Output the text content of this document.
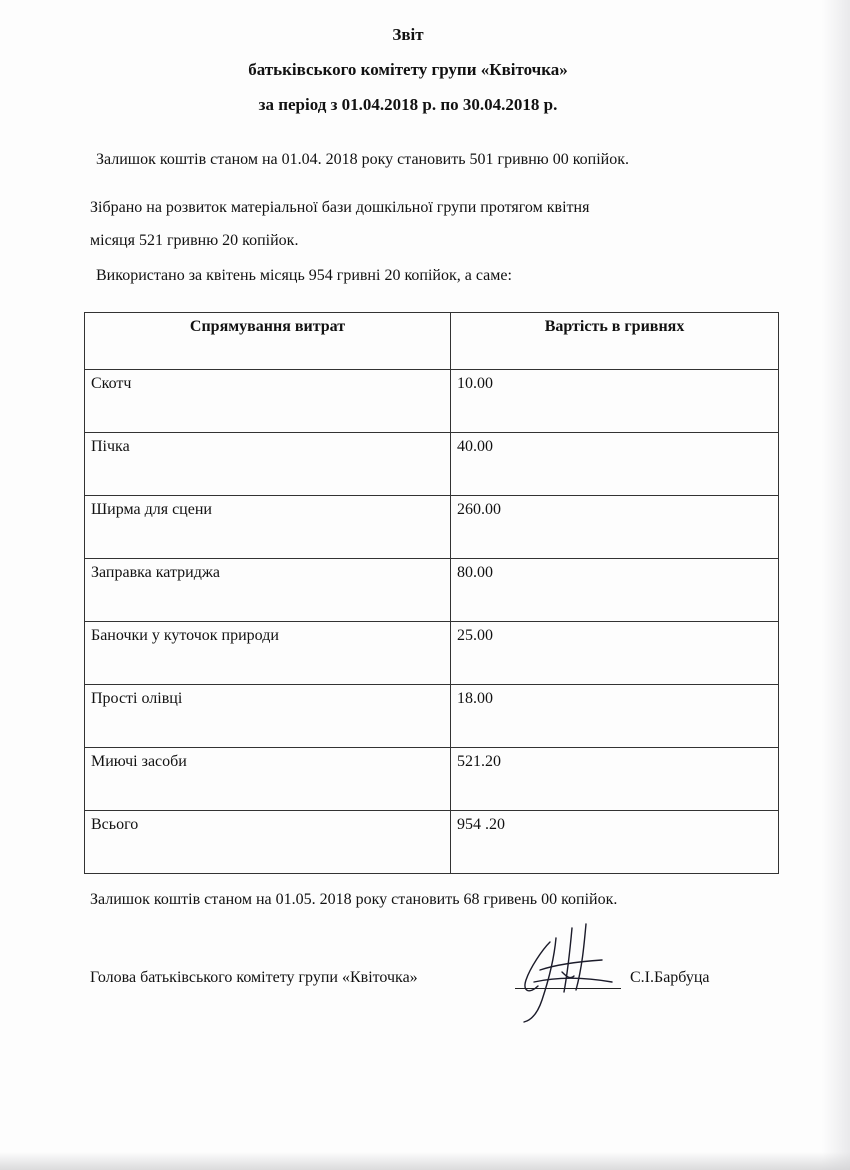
Звіт
батьківського комітету групи «Квіточка»
за період з 01.04.2018 р. по 30.04.2018 р.
Залишок коштів станом на 01.04. 2018 року становить 501 гривню 00 копійок.
Зібрано на розвиток матеріальної бази дошкільної групи протягом квітня
місяця 521 гривню 20 копійок.
Використано за квітень місяць 954 гривні 20 копійок, а саме:
Спрямування витрат	Вартість в гривнях
Скотч	10.00
Пічка	40.00
Ширма для сцени	260.00
Заправка катриджа	80.00
Баночки у куточок природи	25.00
Прості олівці	18.00
Миючі засоби	521.20
Всього	954 .20
Залишок коштів станом на 01.05. 2018 року становить 68 гривень 00 копійок.
Голова батьківського комітету групи «Квіточка»	С.І.Барбуца
